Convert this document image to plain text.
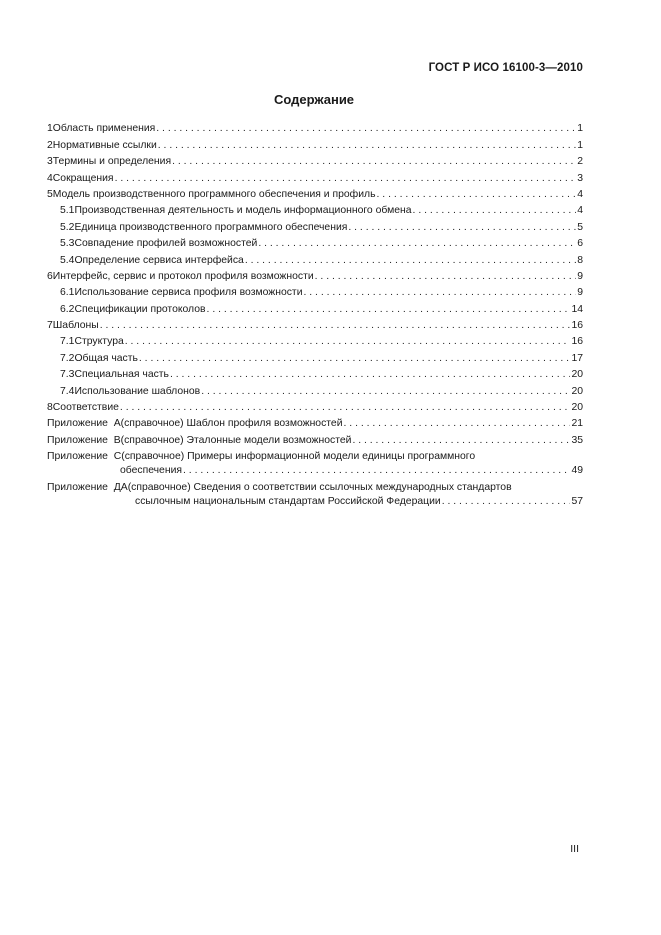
ГОСТ Р ИСО 16100-3—2010
Содержание
1 Область применения . . .	1
2 Нормативные ссылки . . .	1
3 Термины и определения . . .	2
4 Сокращения . . .	3
5 Модель производственного программного обеспечения и профиль . . .	4
5.1 Производственная деятельность и модель информационного обмена . . .	4
5.2 Единица производственного программного обеспечения . . .	5
5.3 Совпадение профилей возможностей . . .	6
5.4 Определение сервиса интерфейса . . .	8
6 Интерфейс, сервис и протокол профиля возможности . . .	9
6.1 Использование сервиса профиля возможности . . .	9
6.2 Спецификации протоколов . . .	14
7 Шаблоны . . .	16
7.1 Структура . . .	16
7.2 Общая часть . . .	17
7.3 Специальная часть . . .	20
7.4 Использование шаблонов . . .	20
8 Соответствие . . .	20
Приложение  А (справочное) Шаблон профиля возможностей . . .	21
Приложение  В (справочное) Эталонные модели возможностей . . .	35
Приложение  С (справочное) Примеры информационной модели единицы программного
обеспечения . . .	49
Приложение  ДА (справочное) Сведения о соответствии ссылочных международных стандартов
ссылочным национальным стандартам Российской Федерации . . .	57
III
